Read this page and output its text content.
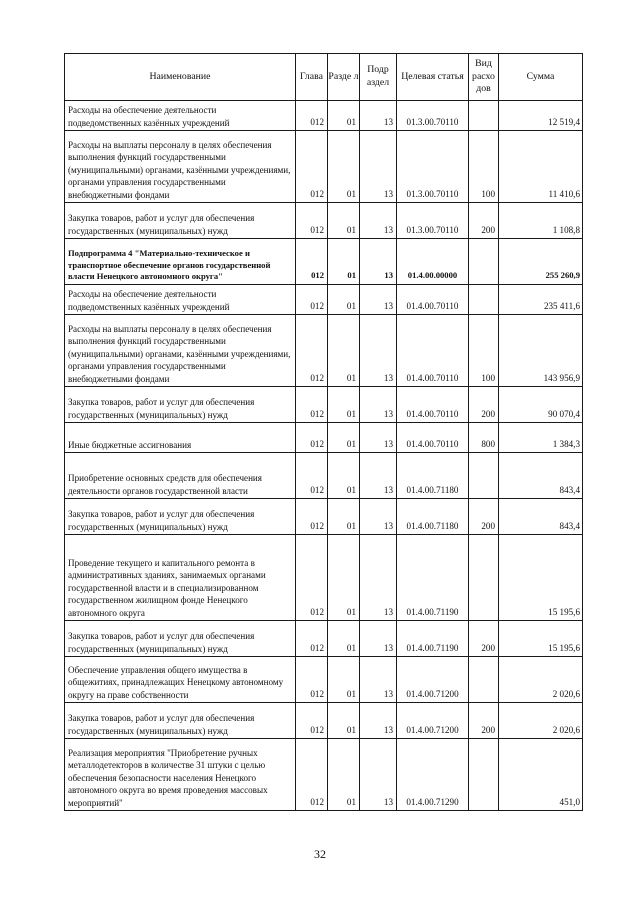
Наименование	Глава	Разде л	Подр аздел	Целевая статья	Вид расхо дов	Сумма
Расходы на обеспечение деятельности подведомственных казённых учреждений	012	01	13	01.3.00.70110		12 519,4
Расходы на выплаты персоналу в целях обеспечения выполнения функций государственными (муниципальными) органами, казёнными учреждениями, органами управления государственными внебюджетными фондами	012	01	13	01.3.00.70110	100	11 410,6
Закупка товаров, работ и услуг для обеспечения государственных (муниципальных) нужд	012	01	13	01.3.00.70110	200	1 108,8
Подпрограмма 4 "Материально-техническое и транспортное обеспечение органов государственной власти Ненецкого автономного округа"	012	01	13	01.4.00.00000		255 260,9
Расходы на обеспечение деятельности подведомственных казённых учреждений	012	01	13	01.4.00.70110		235 411,6
Расходы на выплаты персоналу в целях обеспечения выполнения функций государственными (муниципальными) органами, казёнными учреждениями, органами управления государственными внебюджетными фондами	012	01	13	01.4.00.70110	100	143 956,9
Закупка товаров, работ и услуг для обеспечения государственных (муниципальных) нужд	012	01	13	01.4.00.70110	200	90 070,4
Иные бюджетные ассигнования	012	01	13	01.4.00.70110	800	1 384,3
Приобретение основных средств для обеспечения деятельности органов государственной власти	012	01	13	01.4.00.71180		843,4
Закупка товаров, работ и услуг для обеспечения государственных (муниципальных) нужд	012	01	13	01.4.00.71180	200	843,4
Проведение текущего и капитального ремонта в административных зданиях, занимаемых органами государственной власти и в специализированном государственном жилищном фонде Ненецкого автономного округа	012	01	13	01.4.00.71190		15 195,6
Закупка товаров, работ и услуг для обеспечения государственных (муниципальных) нужд	012	01	13	01.4.00.71190	200	15 195,6
Обеспечение управления общего имущества в общежитиях, принадлежащих Ненецкому автономному округу на праве собственности	012	01	13	01.4.00.71200		2 020,6
Закупка товаров, работ и услуг для обеспечения государственных (муниципальных) нужд	012	01	13	01.4.00.71200	200	2 020,6
Реализация мероприятия "Приобретение ручных металлодетекторов в количестве 31 штуки с целью обеспечения безопасности населения Ненецкого автономного округа во время проведения массовых мероприятий"	012	01	13	01.4.00.71290		451,0
32
